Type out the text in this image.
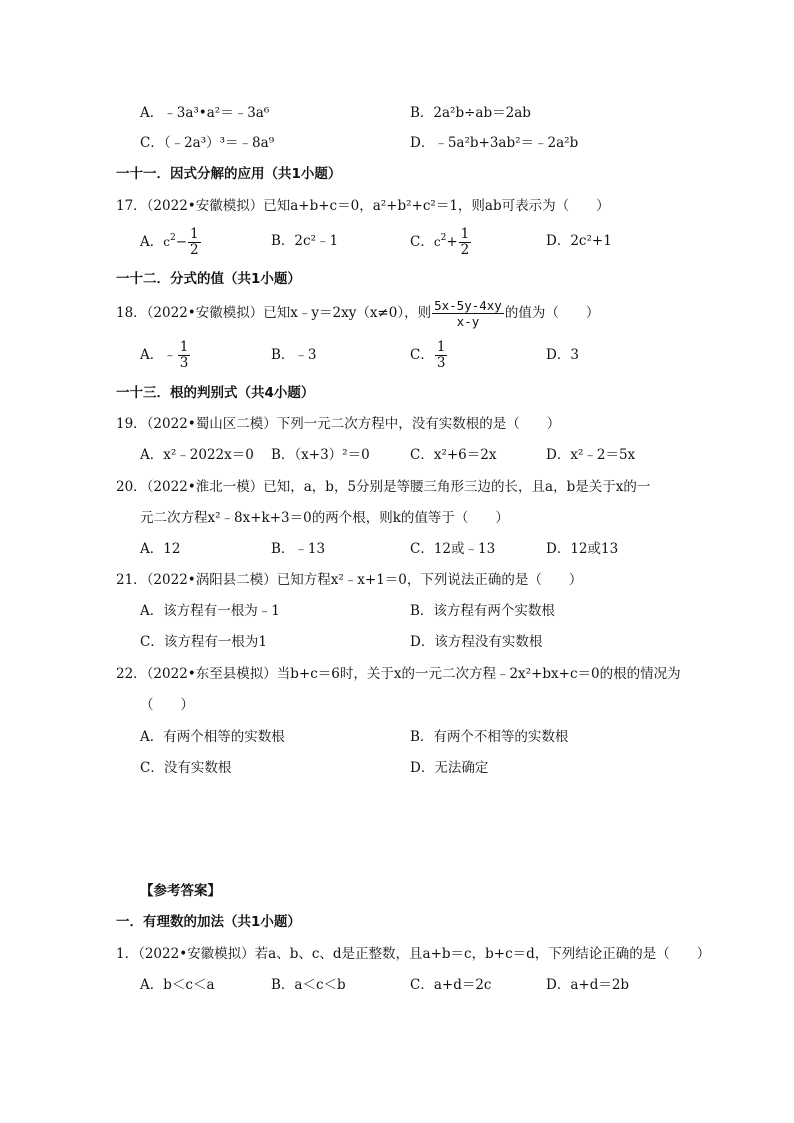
A．﹣3a³•a²＝﹣3a⁶	B．2a²b÷ab＝2ab
C．（﹣2a³）³＝﹣8a⁹	D．﹣5a²b+3ab²＝﹣2a²b
一十一．因式分解的应用（共1小题）
17．（2022•安徽模拟）已知a+b+c＝0，a²+b²+c²＝1，则ab可表示为（　　）
A．$c^2- \frac{1}{2}$	B．2c²﹣1	C．$c^2+ \frac{1}{2}$	D．2c²+1
一十二．分式的值（共1小题）
18．（2022•安徽模拟）已知x﹣y＝2xy（x≠0），则 $\frac{5x-5y-4xy}{x-y}$ 的值为（　　）
A．﹣ $\frac{1}{3}$	B．﹣3	C． $\frac{1}{3}$	D．3
一十三．根的判别式（共4小题）
19．（2022•蜀山区二模）下列一元二次方程中，没有实数根的是（　　）
A．x²﹣2022x＝0 B．（x+3）²＝0	C．x²+6＝2x	D．x²﹣2＝5x
20．（2022•淮北一模）已知，a，b，5分别是等腰三角形三边的长，且a，b是关于x的一
元二次方程x²﹣8x+k+3＝0的两个根，则k的值等于（　　）
A．12	B．﹣13	C．12或﹣13	D．12或13
21．（2022•涡阳县二模）已知方程x²﹣x+1＝0，下列说法正确的是（　　）
A．该方程有一根为﹣1	B．该方程有两个实数根
C．该方程有一根为1	D．该方程没有实数根
22．（2022•东至县模拟）当b+c＝6时，关于x的一元二次方程﹣2x²+bx+c＝0的根的情况为
（　　）
A．有两个相等的实数根	B．有两个不相等的实数根
C．没有实数根	D．无法确定
【参考答案】
一．有理数的加法（共1小题）
1．（2022•安徽模拟）若a、b、c、d是正整数，且a+b＝c，b+c＝d，下列结论正确的是（　　）
A．b＜c＜a	B．a＜c＜b	C．a+d＝2c	D．a+d＝2b
